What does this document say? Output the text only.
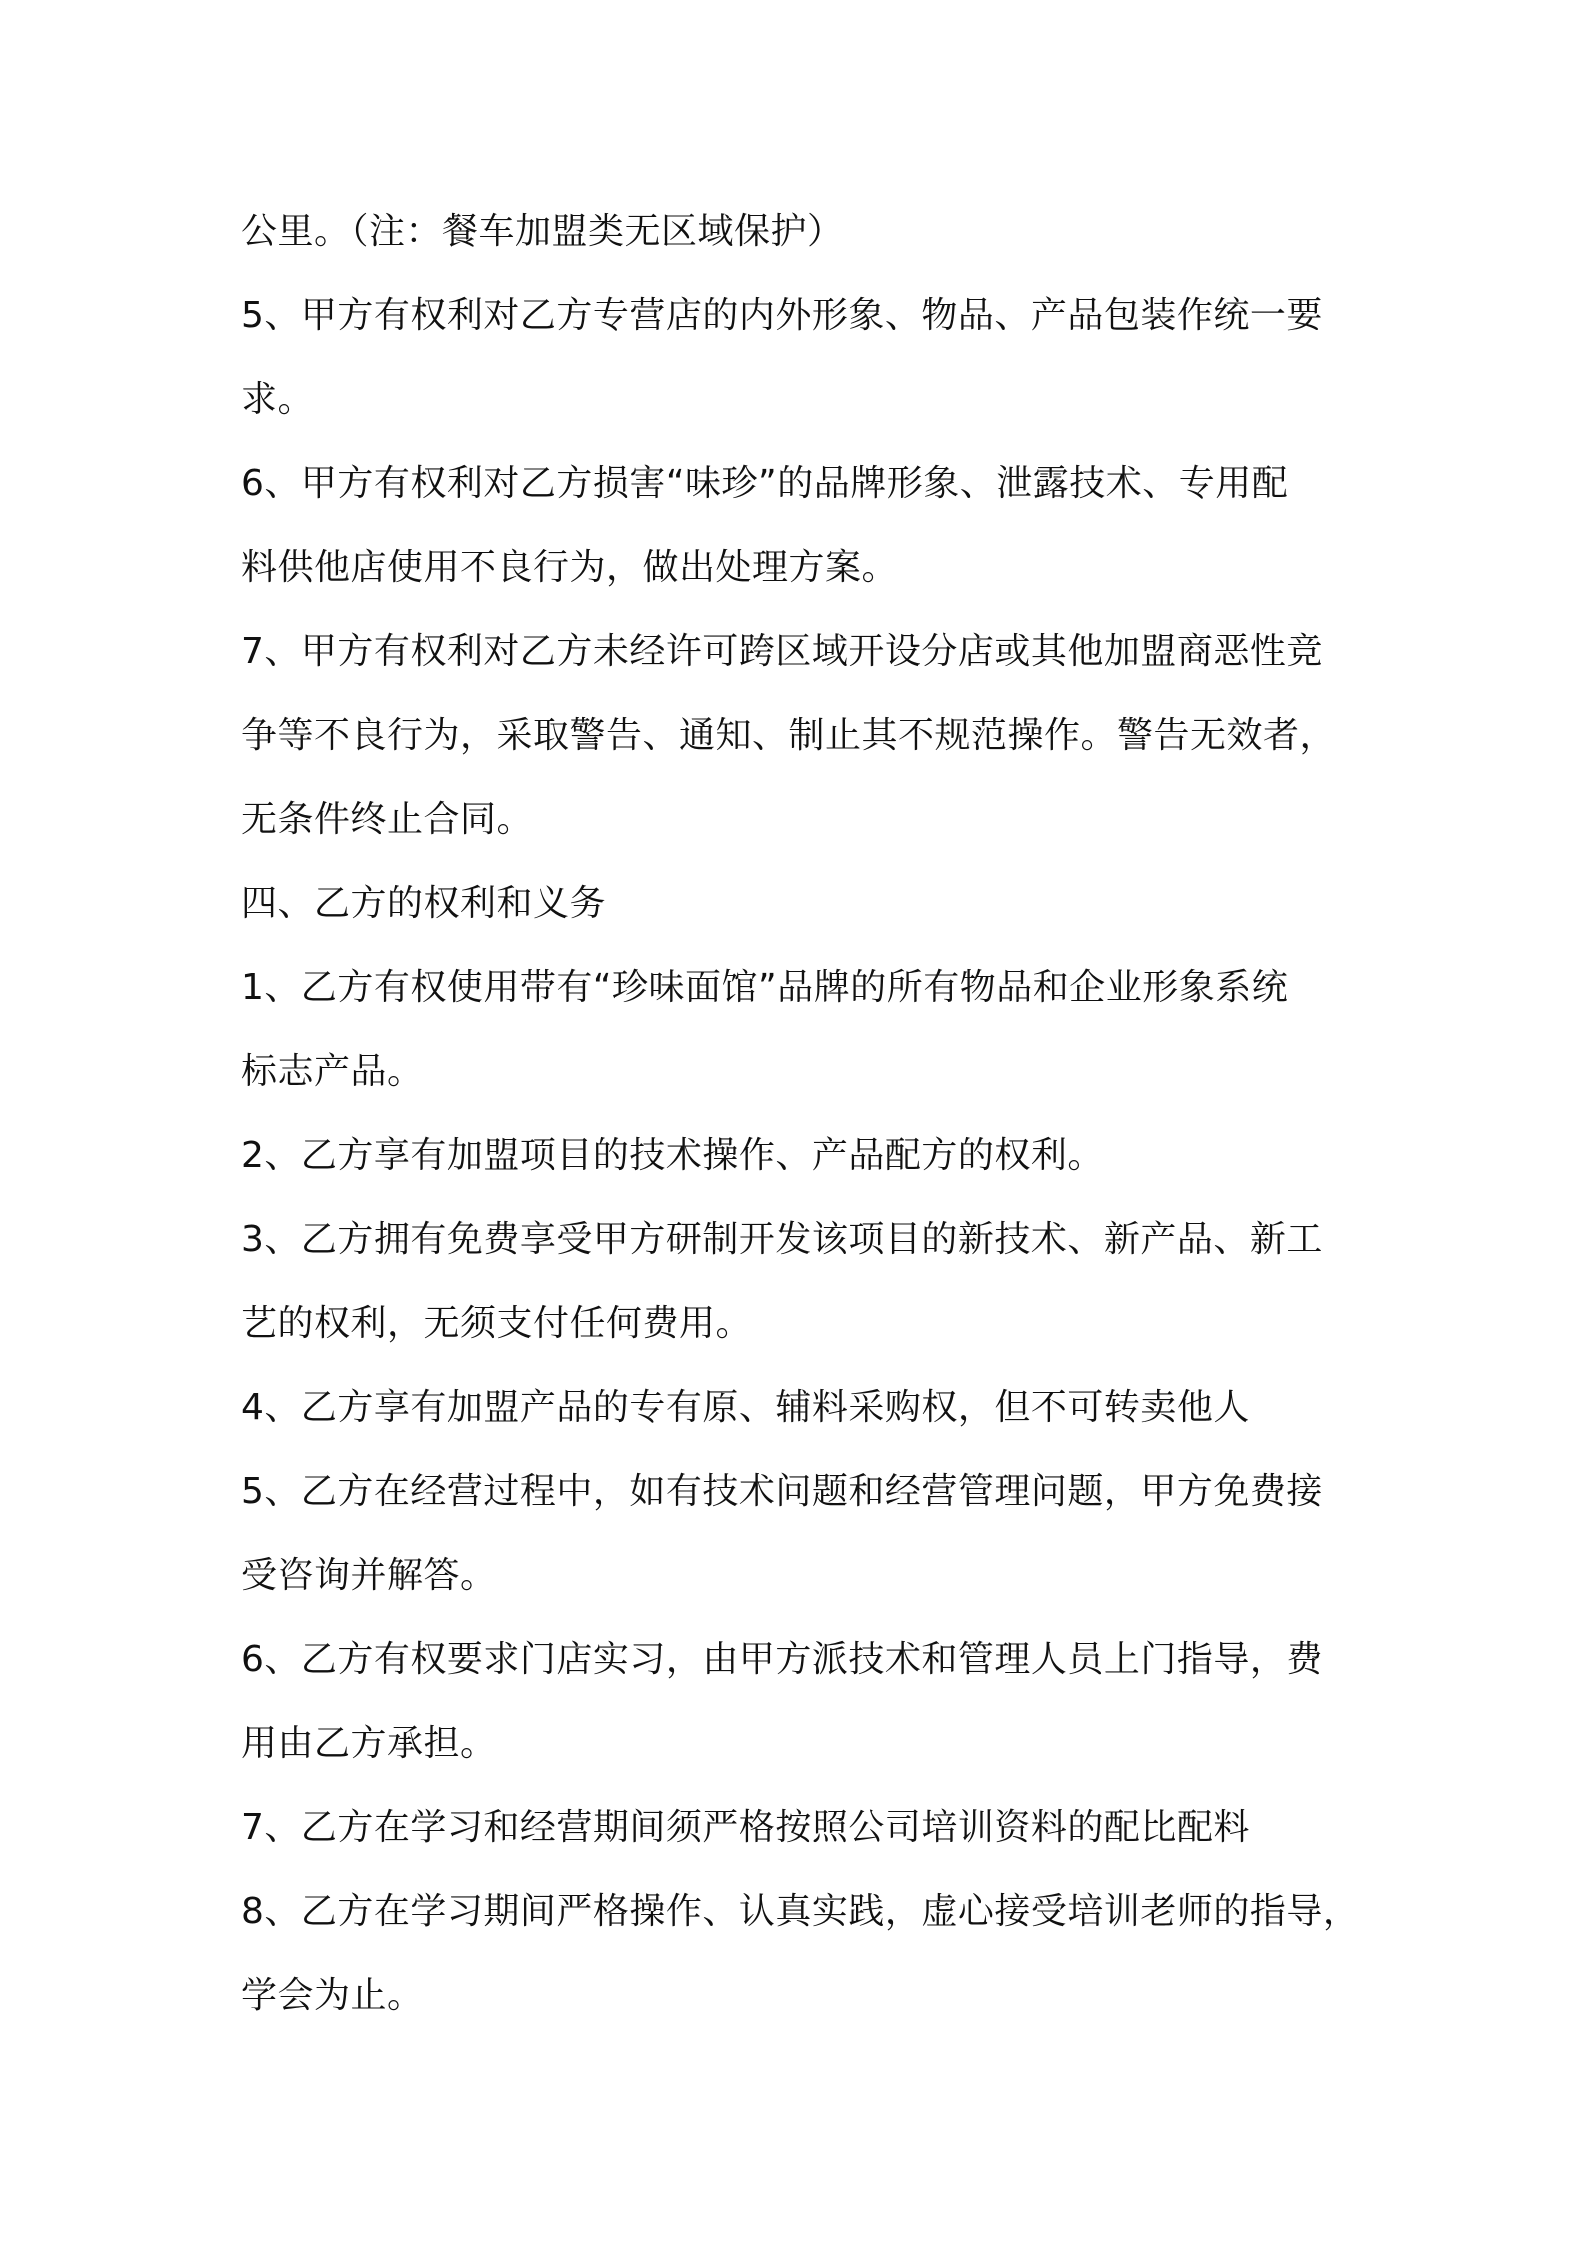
公里。（注：餐车加盟类无区域保护）
5、甲方有权利对乙方专营店的内外形象、物品、产品包装作统一要
求。
6、甲方有权利对乙方损害“味珍”的品牌形象、泄露技术、专用配
料供他店使用不良行为，做出处理方案。
7、甲方有权利对乙方未经许可跨区域开设分店或其他加盟商恶性竞
争等不良行为，采取警告、通知、制止其不规范操作。警告无效者，
无条件终止合同。
四、乙方的权利和义务
1、乙方有权使用带有“珍味面馆”品牌的所有物品和企业形象系统
标志产品。
2、乙方享有加盟项目的技术操作、产品配方的权利。
3、乙方拥有免费享受甲方研制开发该项目的新技术、新产品、新工
艺的权利，无须支付任何费用。
4、乙方享有加盟产品的专有原、辅料采购权，但不可转卖他人
5、乙方在经营过程中，如有技术问题和经营管理问题，甲方免费接
受咨询并解答。
6、乙方有权要求门店实习，由甲方派技术和管理人员上门指导，费
用由乙方承担。
7、乙方在学习和经营期间须严格按照公司培训资料的配比配料
8、乙方在学习期间严格操作、认真实践，虚心接受培训老师的指导，
学会为止。
